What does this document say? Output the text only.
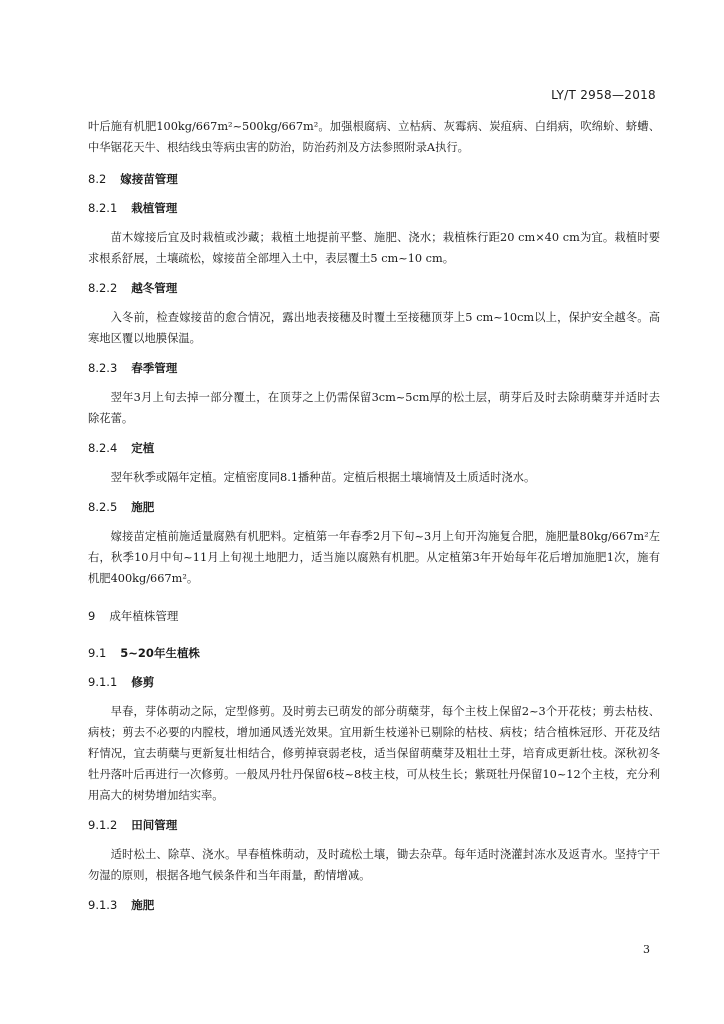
LY/T 2958—2018

叶后施有机肥100kg/667m²~500kg/667m²。加强根腐病、立枯病、灰霉病、炭疽病、白绢病，吹绵蚧、蛴螬、中华锯花天牛、根结线虫等病虫害的防治，防治药剂及方法参照附录A执行。

8.2 嫁接苗管理

8.2.1 栽植管理

苗木嫁接后宜及时栽植或沙藏；栽植土地提前平整、施肥、浇水；栽植株行距20 cm×40 cm为宜。栽植时要求根系舒展，土壤疏松，嫁接苗全部埋入土中，表层覆土5 cm~10 cm。

8.2.2 越冬管理

入冬前，检查嫁接苗的愈合情况，露出地表接穗及时覆土至接穗顶芽上5 cm~10cm以上，保护安全越冬。高寒地区覆以地膜保温。

8.2.3 春季管理

翌年3月上旬去掉一部分覆土，在顶芽之上仍需保留3cm~5cm厚的松土层，萌芽后及时去除萌蘖芽并适时去除花蕾。

8.2.4 定植

翌年秋季或隔年定植。定植密度同8.1播种苗。定植后根据土壤墒情及土质适时浇水。

8.2.5 施肥

嫁接苗定植前施适量腐熟有机肥料。定植第一年春季2月下旬~3月上旬开沟施复合肥，施肥量80kg/667m²左右，秋季10月中旬~11月上旬视土地肥力，适当施以腐熟有机肥。从定植第3年开始每年花后增加施肥1次，施有机肥400kg/667m²。

9 成年植株管理

9.1 5~20年生植株

9.1.1 修剪

早春，芽体萌动之际，定型修剪。及时剪去已萌发的部分萌蘖芽，每个主枝上保留2~3个开花枝；剪去枯枝、病枝；剪去不必要的内膛枝，增加通风透光效果。宜用新生枝递补已剔除的枯枝、病枝；结合植株冠形、开花及结籽情况，宜去萌蘖与更新复壮相结合，修剪掉衰弱老枝，适当保留萌蘖芽及粗壮土芽，培育成更新壮枝。深秋初冬牡丹落叶后再进行一次修剪。一般凤丹牡丹保留6枝~8枝主枝，可从枝生长；紫斑牡丹保留10~12个主枝，充分利用高大的树势增加结实率。

9.1.2 田间管理

适时松土、除草、浇水。早春植株萌动，及时疏松土壤，锄去杂草。每年适时浇灌封冻水及返青水。坚持宁干勿湿的原则，根据各地气候条件和当年雨量，酌情增减。

9.1.3 施肥

3
